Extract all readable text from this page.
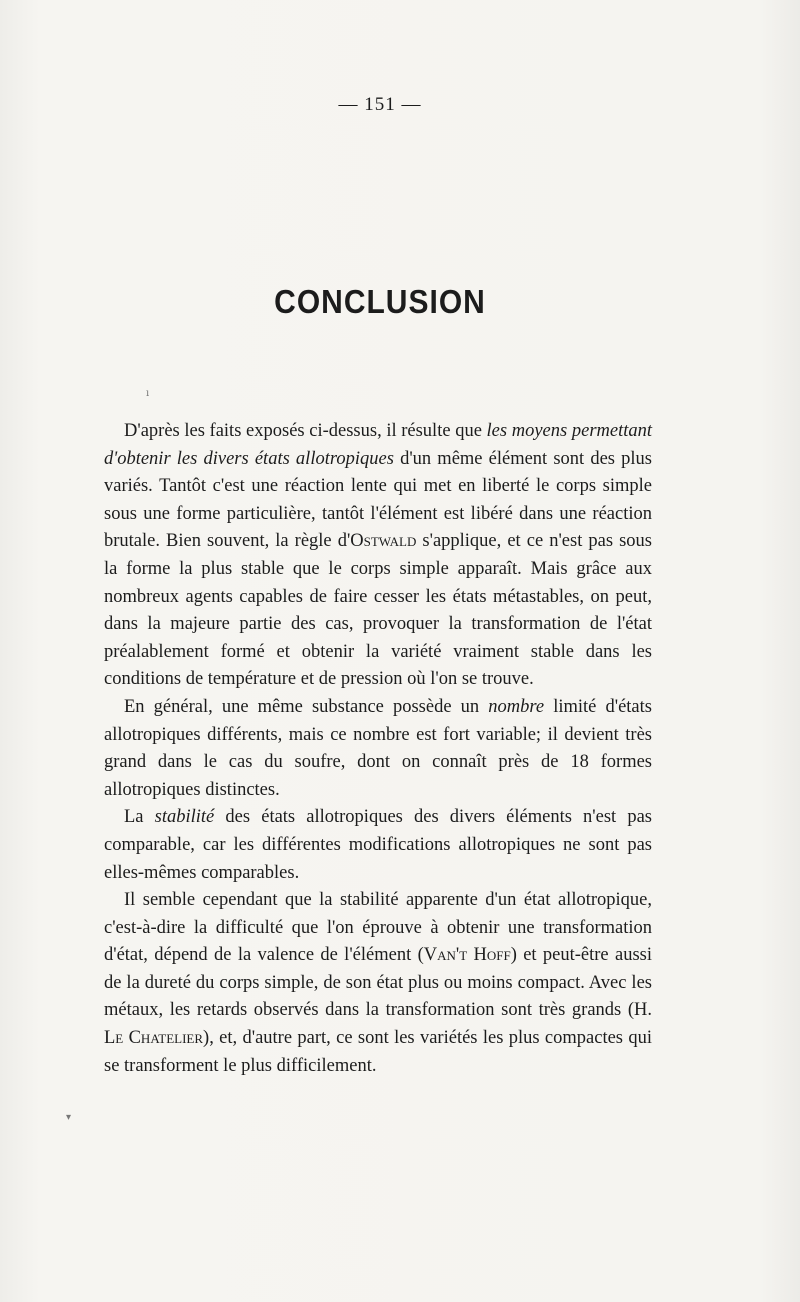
— 151 —
CONCLUSION

D'après les faits exposés ci-dessus, il résulte que les moyens permettant d'obtenir les divers états allotropiques d'un même élément sont des plus variés. Tantôt c'est une réaction lente qui met en liberté le corps simple sous une forme particulière, tantôt l'élément est libéré dans une réaction brutale. Bien souvent, la règle d'Ostwald s'applique, et ce n'est pas sous la forme la plus stable que le corps simple apparaît. Mais grâce aux nombreux agents capables de faire cesser les états métastables, on peut, dans la majeure partie des cas, provoquer la transformation de l'état préalablement formé et obtenir la variété vraiment stable dans les conditions de température et de pression où l'on se trouve.

En général, une même substance possède un nombre limité d'états allotropiques différents, mais ce nombre est fort variable; il devient très grand dans le cas du soufre, dont on connaît près de 18 formes allotropiques distinctes.

La stabilité des états allotropiques des divers éléments n'est pas comparable, car les différentes modifications allotropiques ne sont pas elles-mêmes comparables.

Il semble cependant que la stabilité apparente d'un état allotropique, c'est-à-dire la difficulté que l'on éprouve à obtenir une transformation d'état, dépend de la valence de l'élément (Van't Hoff) et peut-être aussi de la dureté du corps simple, de son état plus ou moins compact. Avec les métaux, les retards observés dans la transformation sont très grands (H. Le Chatelier), et, d'autre part, ce sont les variétés les plus compactes qui se transforment le plus difficilement.

ı
▾
